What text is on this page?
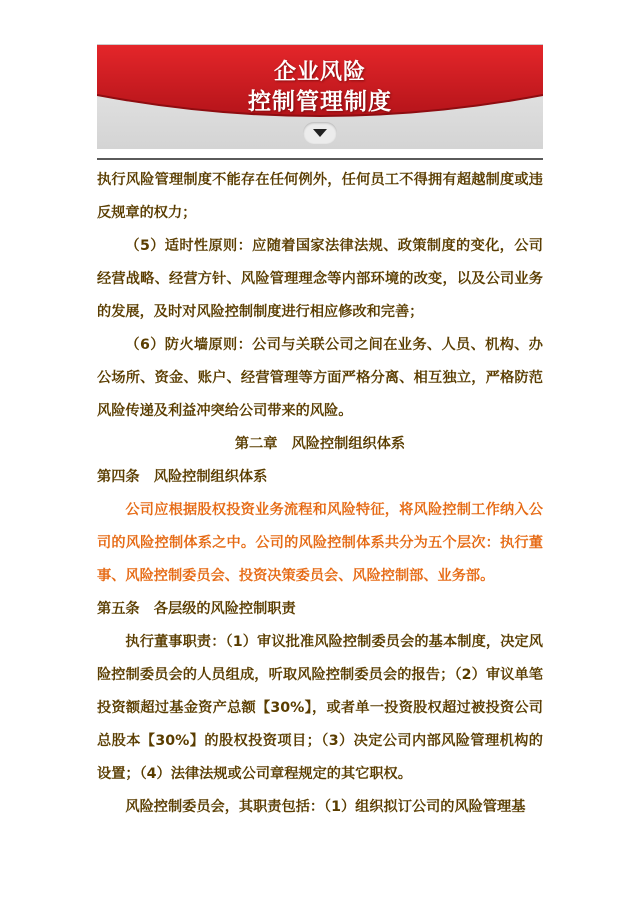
企业风险
控制管理制度

执行风险管理制度不能存在任何例外，任何员工不得拥有超越制度或违反规章的权力；

（5）适时性原则：应随着国家法律法规、政策制度的变化，公司经营战略、经营方针、风险管理理念等内部环境的改变，以及公司业务的发展，及时对风险控制制度进行相应修改和完善；

（6）防火墙原则：公司与关联公司之间在业务、人员、机构、办公场所、资金、账户、经营管理等方面严格分离、相互独立，严格防范风险传递及利益冲突给公司带来的风险。

第二章　风险控制组织体系

第四条　风险控制组织体系

公司应根据股权投资业务流程和风险特征，将风险控制工作纳入公司的风险控制体系之中。公司的风险控制体系共分为五个层次：执行董事、风险控制委员会、投资决策委员会、风险控制部、业务部。

第五条　各层级的风险控制职责

执行董事职责：（1）审议批准风险控制委员会的基本制度，决定风险控制委员会的人员组成，听取风险控制委员会的报告；（2）审议单笔投资额超过基金资产总额【30%】，或者单一投资股权超过被投资公司总股本【30%】的股权投资项目；（3）决定公司内部风险管理机构的设置；（4）法律法规或公司章程规定的其它职权。

风险控制委员会，其职责包括：（1）组织拟订公司的风险管理基
